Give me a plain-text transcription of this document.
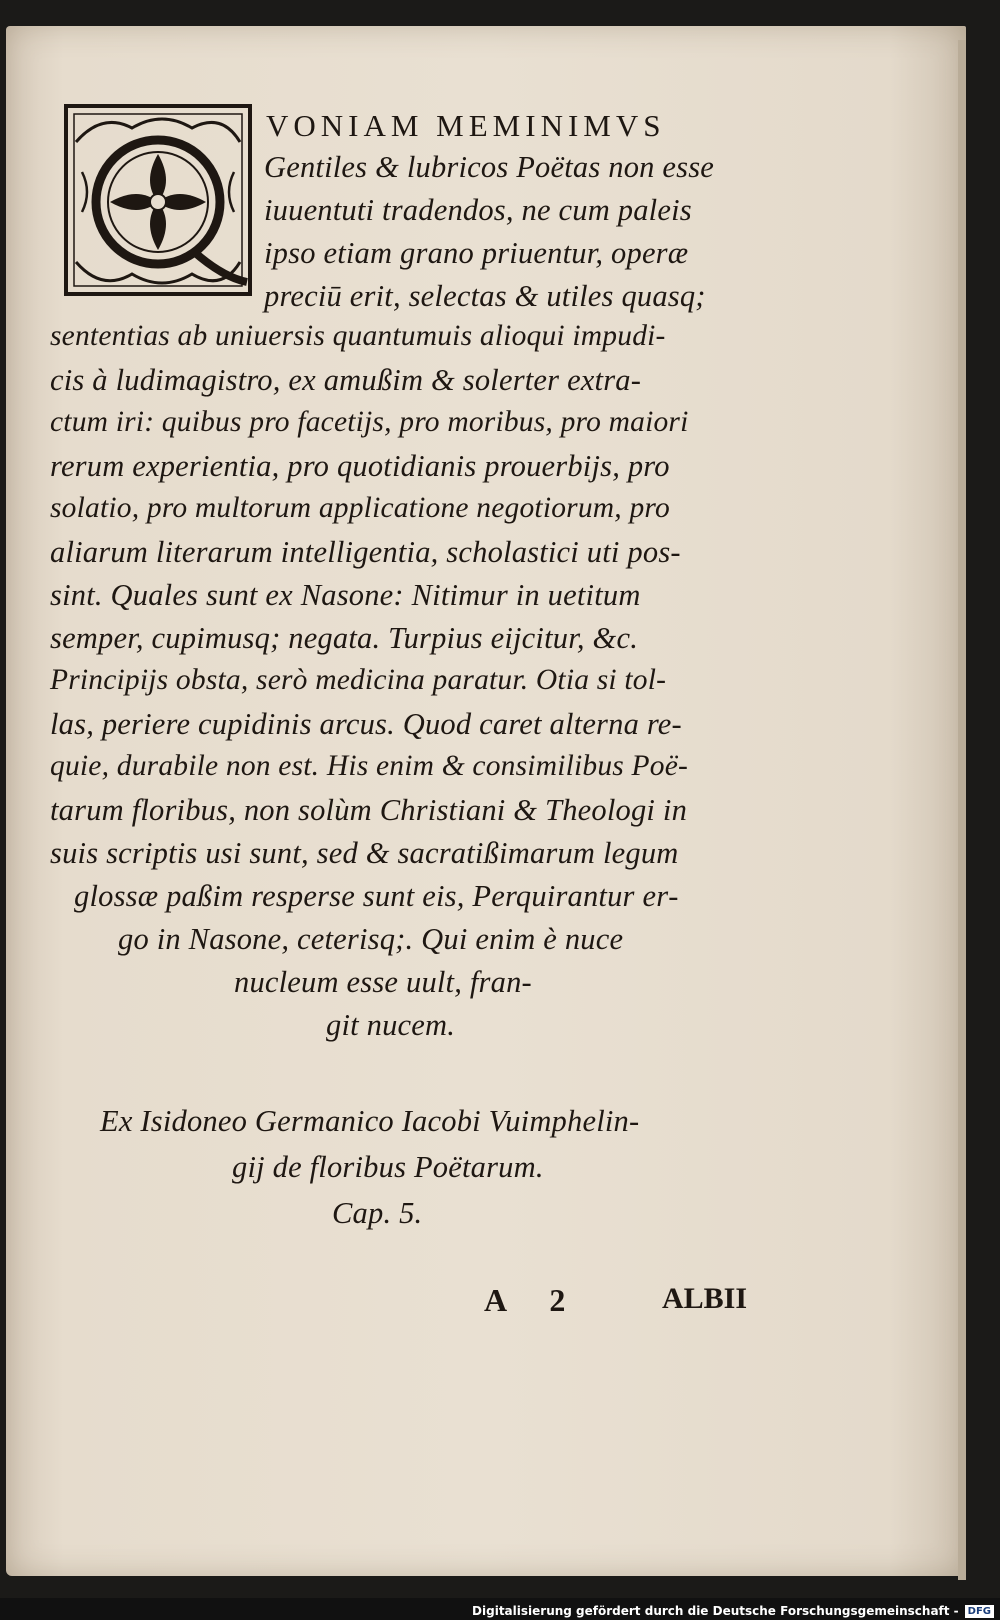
VONIAM MEMINIMVS
Gentiles & lubricos Poëtas non esse
iuuentuti tradendos, ne cum paleis
ipso etiam grano priuentur, operæ
preciū erit, selectas & utiles quasq;
sententias ab uniuersis quantumuis alioqui impudi‑
cis à ludimagistro, ex amußim & solerter extra‑
ctum iri: quibus pro facetijs, pro moribus, pro maiori
rerum experientia, pro quotidianis prouerbijs, pro
solatio, pro multorum applicatione negotiorum, pro
aliarum literarum intelligentia, scholastici uti pos‑
sint. Quales sunt ex Nasone: Nitimur in uetitum
semper, cupimusq; negata. Turpius eijcitur, &c.
Principijs obsta, serò medicina paratur. Otia si tol‑
las, periere cupidinis arcus. Quod caret alterna re‑
quie, durabile non est. His enim & consimilibus Poë‑
tarum floribus, non solùm Christiani & Theologi in
suis scriptis usi sunt, sed & sacratißimarum legum
glossæ paßim resperse sunt eis, Perquirantur er‑
go in Nasone, ceterisq;. Qui enim è nuce
nucleum esse uult, fran‑
git nucem.
Ex Isidoneo Germanico Iacobi Vuimphelin‑
gij de floribus Poëtarum.
Cap. 5.
A 2	ALBII
Digitalisierung gefördert durch die Deutsche Forschungsgemeinschaft - DFG
